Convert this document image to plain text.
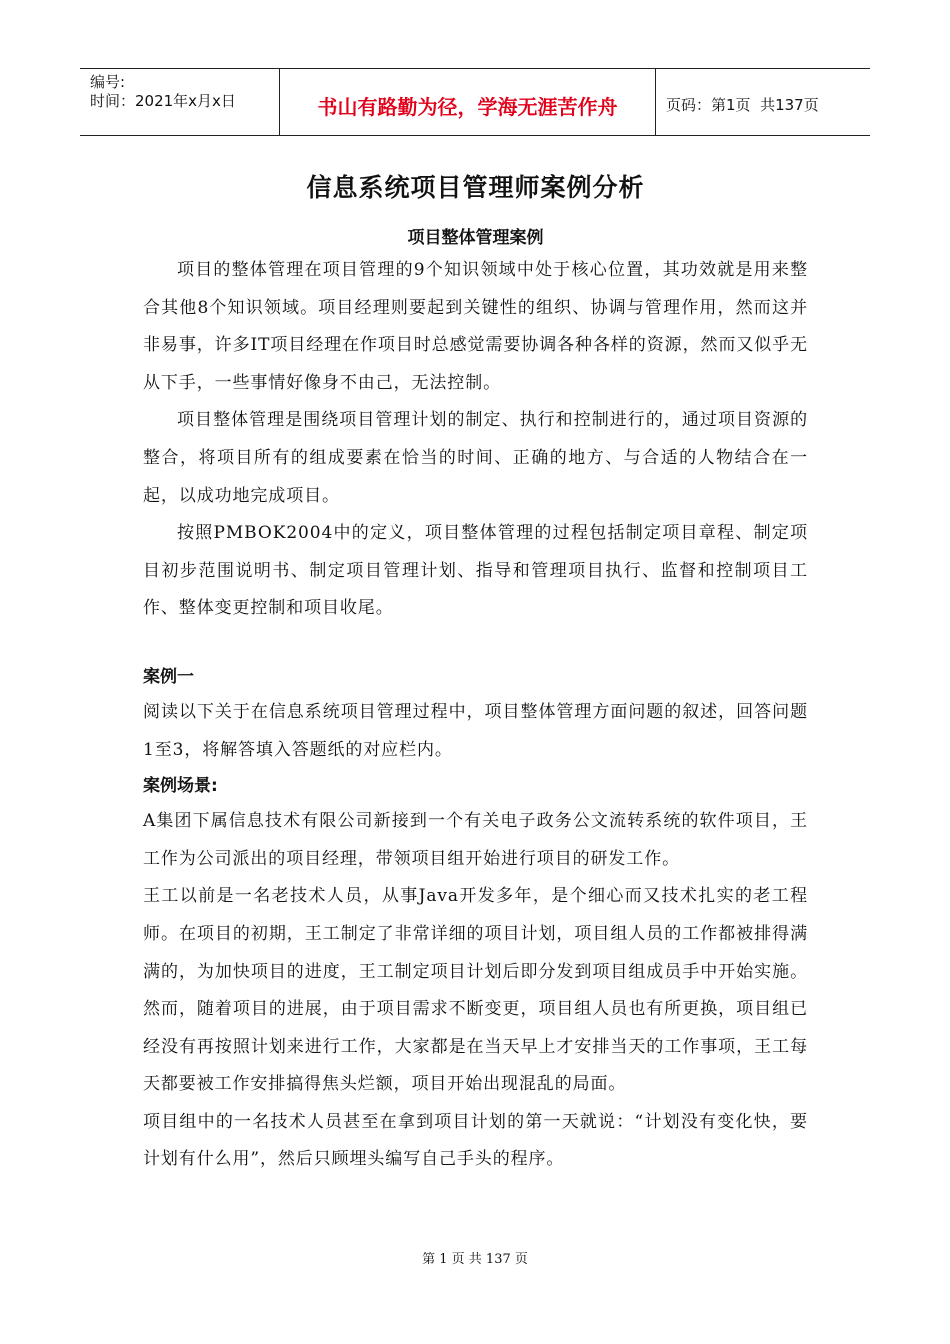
编号:
时间：2021年x月x日	书山有路勤为径，学海无涯苦作舟	页码：第1页  共137页
信息系统项目管理师案例分析
项目整体管理案例

项目的整体管理在项目管理的9个知识领域中处于核心位置，其功效就是用来整合其他8个知识领域。项目经理则要起到关键性的组织、协调与管理作用，然而这并非易事，许多IT项目经理在作项目时总感觉需要协调各种各样的资源，然而又似乎无从下手，一些事情好像身不由己，无法控制。

项目整体管理是围绕项目管理计划的制定、执行和控制进行的，通过项目资源的整合，将项目所有的组成要素在恰当的时间、正确的地方、与合适的人物结合在一起，以成功地完成项目。

按照PMBOK2004中的定义，项目整体管理的过程包括制定项目章程、制定项目初步范围说明书、制定项目管理计划、指导和管理项目执行、监督和控制项目工作、整体变更控制和项目收尾。

案例一

阅读以下关于在信息系统项目管理过程中，项目整体管理方面问题的叙述，回答问题1至3，将解答填入答题纸的对应栏内。

案例场景:

A集团下属信息技术有限公司新接到一个有关电子政务公文流转系统的软件项目，王工作为公司派出的项目经理，带领项目组开始进行项目的研发工作。

王工以前是一名老技术人员，从事Java开发多年，是个细心而又技术扎实的老工程师。在项目的初期，王工制定了非常详细的项目计划，项目组人员的工作都被排得满满的，为加快项目的进度，王工制定项目计划后即分发到项目组成员手中开始实施。然而，随着项目的进展，由于项目需求不断变更，项目组人员也有所更换，项目组已经没有再按照计划来进行工作，大家都是在当天早上才安排当天的工作事项，王工每天都要被工作安排搞得焦头烂额，项目开始出现混乱的局面。

项目组中的一名技术人员甚至在拿到项目计划的第一天就说：“计划没有变化快，要计划有什么用”，然后只顾埋头编写自己手头的程序。

第 1 页 共 137 页
